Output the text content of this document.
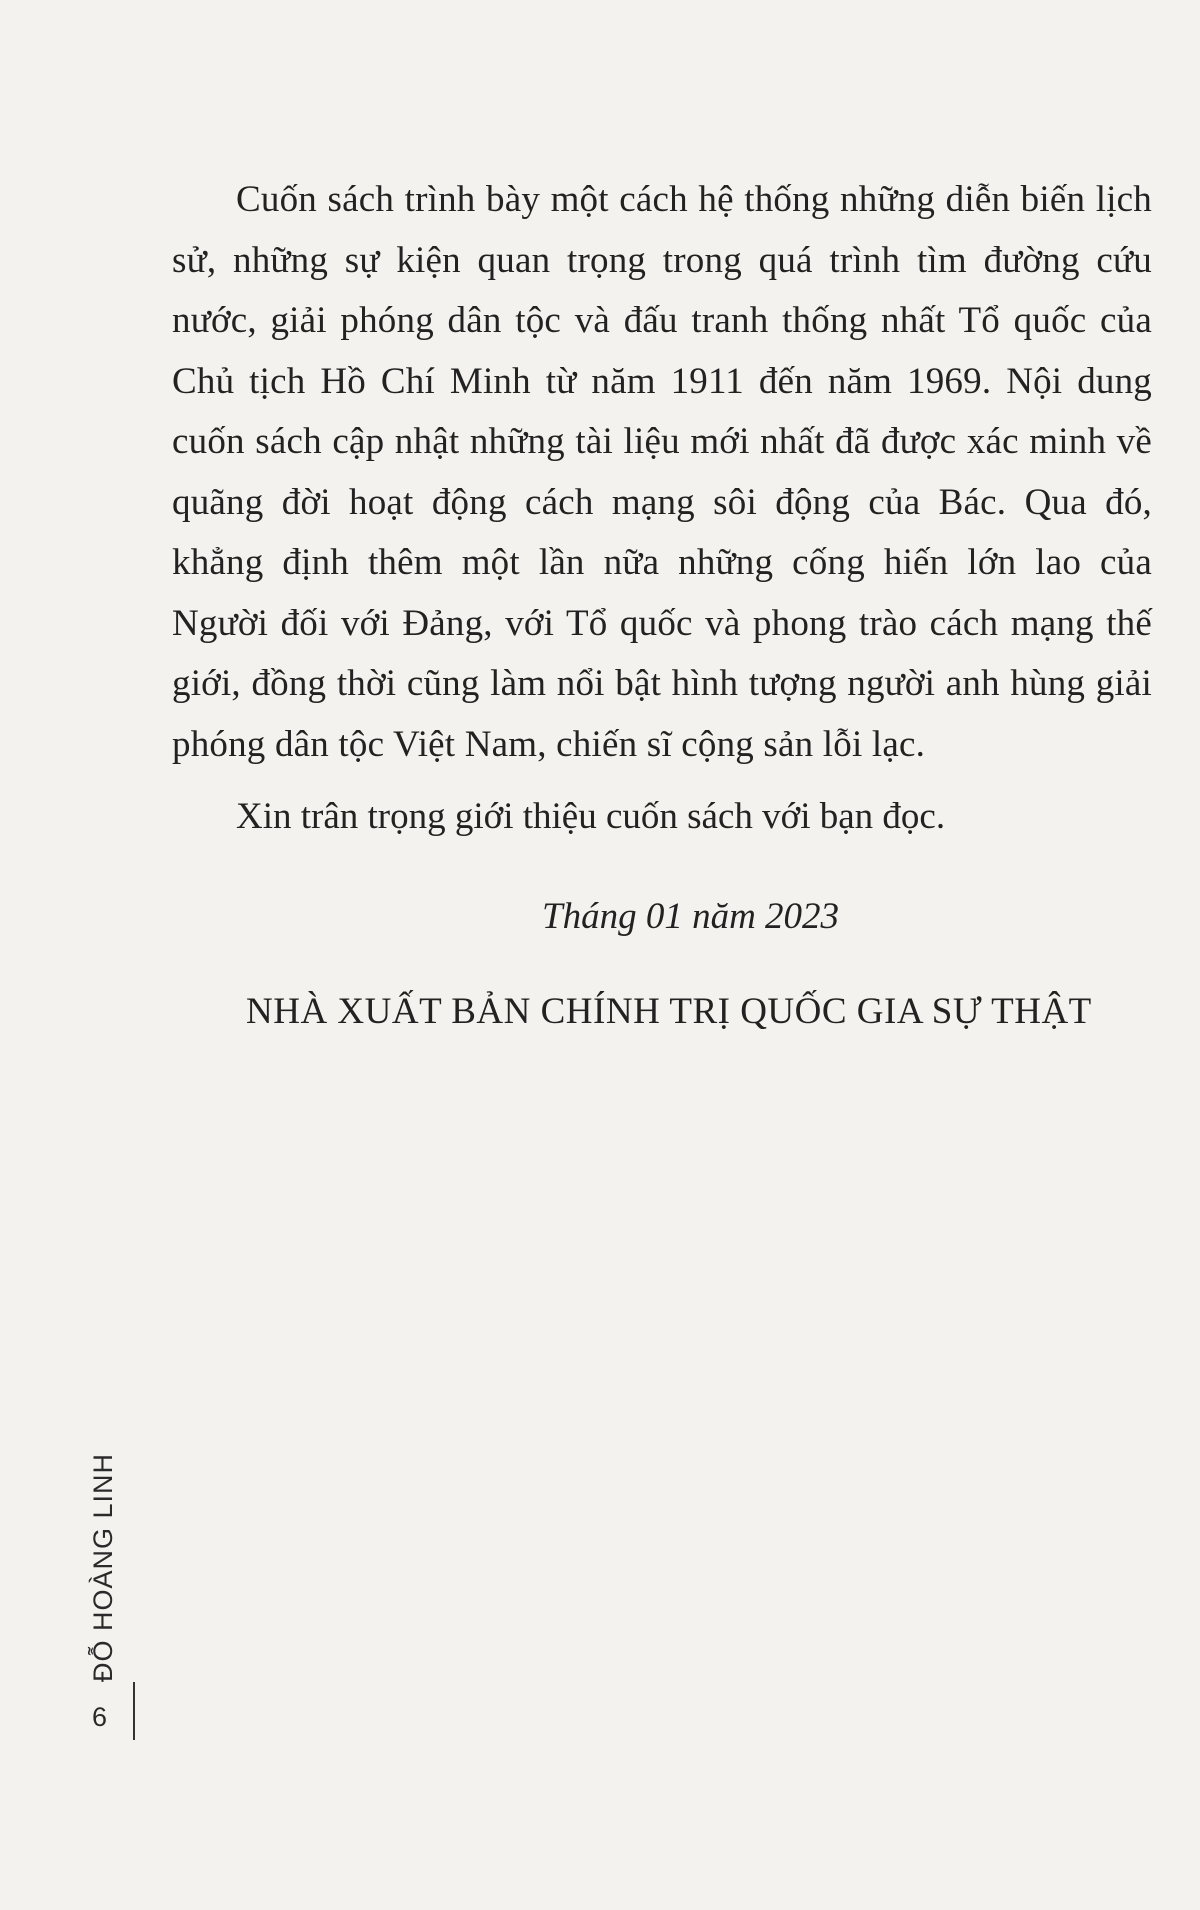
Cuốn sách trình bày một cách hệ thống những diễn biến lịch sử, những sự kiện quan trọng trong quá trình tìm đường cứu nước, giải phóng dân tộc và đấu tranh thống nhất Tổ quốc của Chủ tịch Hồ Chí Minh từ năm 1911 đến năm 1969. Nội dung cuốn sách cập nhật những tài liệu mới nhất đã được xác minh về quãng đời hoạt động cách mạng sôi động của Bác. Qua đó, khẳng định thêm một lần nữa những cống hiến lớn lao của Người đối với Đảng, với Tổ quốc và phong trào cách mạng thế giới, đồng thời cũng làm nổi bật hình tượng người anh hùng giải phóng dân tộc Việt Nam, chiến sĩ cộng sản lỗi lạc.

Xin trân trọng giới thiệu cuốn sách với bạn đọc.

Tháng 01 năm 2023
NHÀ XUẤT BẢN CHÍNH TRỊ QUỐC GIA SỰ THẬT
ĐỖ HOÀNG LINH
6
